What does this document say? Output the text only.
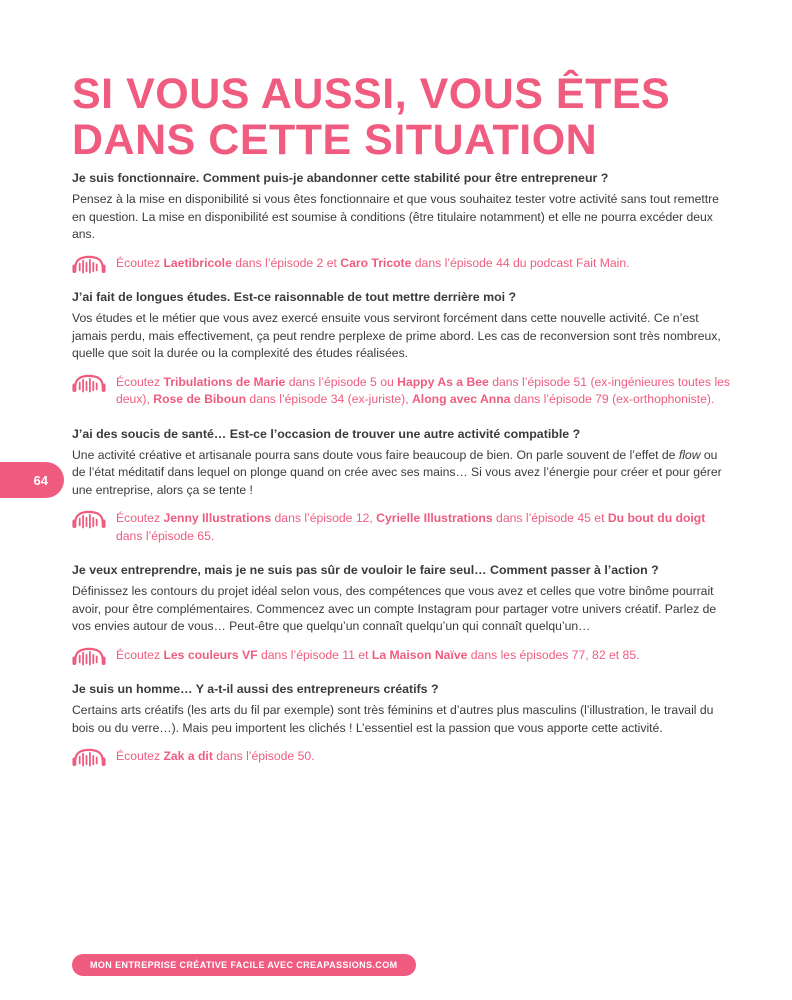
SI VOUS AUSSI, VOUS ÊTES
DANS CETTE SITUATION
64
Je suis fonctionnaire. Comment puis-je abandonner cette stabilité pour être entrepreneur ?
Pensez à la mise en disponibilité si vous êtes fonctionnaire et que vous souhaitez tester votre activité sans tout remettre en question. La mise en disponibilité est soumise à conditions (être titulaire notamment) et elle ne pourra excéder deux ans.
Écoutez Laetibricole dans l’épisode 2 et Caro Tricote dans l’épisode 44 du podcast Fait Main.
J’ai fait de longues études. Est-ce raisonnable de tout mettre derrière moi ?
Vos études et le métier que vous avez exercé ensuite vous serviront forcément dans cette nouvelle activité. Ce n’est jamais perdu, mais effectivement, ça peut rendre perplexe de prime abord. Les cas de reconversion sont très nombreux, quelle que soit la durée ou la complexité des études réalisées.
Écoutez Tribulations de Marie dans l’épisode 5 ou Happy As a Bee dans l’épisode 51 (ex-ingénieures toutes les deux), Rose de Biboun dans l’épisode 34 (ex-juriste), Along avec Anna dans l’épisode 79 (ex-orthophoniste).
J’ai des soucis de santé… Est-ce l’occasion de trouver une autre activité compatible ?
Une activité créative et artisanale pourra sans doute vous faire beaucoup de bien. On parle souvent de l’effet de flow ou de l’état méditatif dans lequel on plonge quand on crée avec ses mains… Si vous avez l’énergie pour créer et pour gérer une entreprise, alors ça se tente !
Écoutez Jenny Illustrations dans l’épisode 12, Cyrielle Illustrations dans l’épisode 45 et Du bout du doigt dans l’épisode 65.
Je veux entreprendre, mais je ne suis pas sûr de vouloir le faire seul… Comment passer à l’action ?
Définissez les contours du projet idéal selon vous, des compétences que vous avez et celles que votre binôme pourrait avoir, pour être complémentaires. Commencez avec un compte Instagram pour partager votre univers créatif. Parlez de vos envies autour de vous… Peut-être que quelqu’un connaît quelqu’un qui connaît quelqu’un…
Écoutez Les couleurs VF dans l’épisode 11 et La Maison Naïve dans les épisodes 77, 82 et 85.
Je suis un homme… Y a-t-il aussi des entrepreneurs créatifs ?
Certains arts créatifs (les arts du fil par exemple) sont très féminins et d’autres plus masculins (l’illustration, le travail du bois ou du verre…). Mais peu importent les clichés ! L’essentiel est la passion que vous apporte cette activité.
Écoutez Zak a dit dans l’épisode 50.
MON ENTREPRISE CRÉATIVE FACILE AVEC CREAPASSIONS.COM
